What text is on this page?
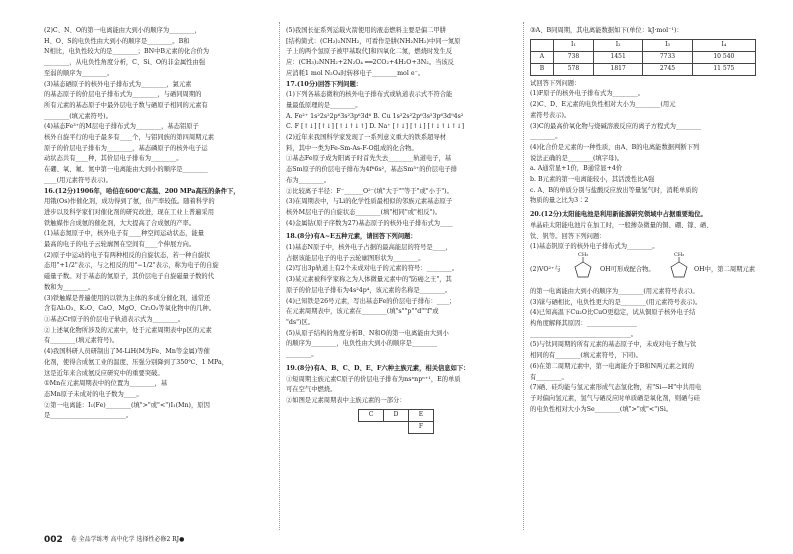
(2)C、N、O的第一电离能由大到小的顺序为________，

H、O、S的电负性由大到小的顺序是________。B和

N相比，电负性较大的是________；BN中B元素的化合价为

________，从电负性角度分析，C、Si、O的非金属性由强

至弱的顺序为________。

(3)基态硒原子的核外电子排布式为________，氯元素

的基态原子的价层电子排布式为________，与硒同周期的

所有元素的基态原子中最外层电子数与硒原子相同的元素有

________(填元素符号)。

(4)基态Fe³⁺的M层电子排布式为________，基态铝原子

核外自旋平行的电子最多有____个，与铝同族的第四周期元素

原子的价层电子排布为________，基态磷原子的核外电子运

动状态共有____种，其价层电子排布为________。

在硼、氧、氟、氮中第一电离能由大到小的顺序是________

____(用元素符号表示)。

16.(12分)1906年，哈伯在600℃高温、200 MPa高压的条件下，

用锇(Os)作催化剂，成功得到了氨，但产率较低。随着科学的

进步以及科学家们对催化剂的研究改进，现在工业上普遍采用

铁触媒作合成氨的催化剂，大大提高了合成氨的产率。

(1)基态氮原子中，核外电子有____种空间运动状态，能量

最高的电子的电子云轮廓图在空间有____个伸展方向。

(2)原子中运动的电子有两种相反的自旋状态，若一种自旋状

态用"+1/2"表示，与之相反的用"−1/2"表示，称为电子的自旋

磁量子数。对于基态的氮原子，其价层电子自旋磁量子数的代

数和为________。

(3)铁触媒是普遍使用的以铁为主体的多成分催化剂，通常还

含有Al₂O₃、K₂O、CaO、MgO、Cr₂O₃等氧化物中的几种。

①基态Cr原子的价层电子轨道表示式为________。

②上述氧化物所涉及的元素中，处于元素周期表中p区的元素

有________(填元素符号)。

(4)我国科研人员研制出了M-LiH(M为Fe、Mn等金属)等催

化剂，使得合成氨工业的温度、压强分别降到了350℃、1 MPa，

这是近年来合成氨反应研究中的重要突破。

①Mn在元素周期表中的位置为________，基

态Mn原子未成对的电子数为____。

②第一电离能：I₁(Fe)________(填">"或"<")I₁(Mn)，原因

是________________________。

(5)我国长征系列运载火箭使用的液态燃料主要是偏二甲肼

[结构简式：(CH₃)₂NNH₂，可看作是肼(NH₂NH₂)中同一氮原

子上的两个氢原子被甲基取代]和四氧化二氮，燃烧时发生反

应：(CH₃)₂NNH₂+2N₂O₄ ══2CO₂+4H₂O+3N₂。当该反

应消耗1 mol N₂O₄时转移电子________mol e⁻。

17.(10分)回答下列问题：

(1)下列各基态微粒的核外电子排布式或轨道表示式不符合能

量最低原理的是________。

A. Fe²⁺ 1s²2s²2p⁶3s²3p⁶3d⁶ B. Cu 1s²2s²2p⁶3s²3p⁶3d⁹4s²

C. F [↑↓] [↑↓] [↑↓↑↓↑] D. Na⁺ [↑↓] [↑↓] [↑↓↑↓↑↓]

(2)近年来我国科学家发现了一系列意义重大的铁系超导材

料，其中一类为Fe-Sm-As-F-O组成的化合物。

①基态Fe原子成为阳离子时首先失去________轨道电子，基

态Sm原子的价层电子排布为4f⁶6s²，基态Sm³⁺的价层电子排

布为________。

②比较离子半径：F⁻______O²⁻(填"大于""等于"或"小于")。

(3)在周期表中，与Li的化学性质最相似的邻族元素基态原子

核外M层电子的自旋状态________(填"相同"或"相反")。

(4)金属钴(原子序数为27)基态原子的核外电子排布式为____

18.(8分)有A~E五种元素，请回答下列问题：

(1)基态N原子中，核外电子占据的最高能层的符号是____，

占据该能层电子的电子云轮廓图形状为________。

(2)写出3p轨道上有2个未成对电子的元素的符号：________。

(3)某元素被科学家称之为人体微量元素中的"防癌之王"，其

原子的价层电子排布为4s²4p⁴，该元素的名称是________。

(4)已知铁是26号元素，写出基态Fe的价层电子排布：____；

在元素周期表中，该元素在________(填"s""p""d""f"或

"ds")区。

(5)从原子结构的角度分析B、N和O的第一电离能由大到小

的顺序为________，电负性由大到小的顺序是________

________。

19.(8分)有A、B、C、D、E、F六种主族元素，相关信息如下：

①短周期主族元素C原子的价层电子排布为nsⁿnpⁿ⁺¹，E的单质

可在空气中燃烧。

②如图是元素周期表中主族元素的一部分：

C	D	E
		F

③A、B同周期，其电离能数据如下(单位：kJ·mol⁻¹)：

	I₁	I₂	I₃	I₄
A	738	1451	7733	10 540
B	578	1817	2745	11 575

试回答下列问题：

(1)F原子的核外电子排布式为________。

(2)C、D、E元素的电负性相对大小为________(用元

素符号表示)。

(3)C的最高价氧化物与烧碱溶液反应的离子方程式为________

________。

(4)化合价是元素的一种性质，由A、B的电离能数据判断下列

说法正确的是________(填字母)。

a. A通常显+1价，B通常显+4价

b. B元素的第一电离能较小，其活泼性比A强

c. A、B的单质分别与盐酸反应放出等量氢气时，消耗单质的

物质的量之比为3∶2

20.(12分)太阳能电池是利用新能源研究领域中占据重要地位。

单晶硅太阳能电池片在加工时，一般掺杂微量的铜、硼、镓、硒、

钛、钒等。回答下列问题：

(1)基态钒原子的核外电子排布式为________。

(2)VO²⁺与
CH₃
OH可形成配合物。
CH₃
OH中，第二周期元素

的第一电离能由大到小的顺序为________(用元素符号表示)。

(3)铼与硒相比，电负性更大的是________(用元素符号表示)。

(4)已知高温下Cu₂O比CuO更稳定，试从铜原子核外电子结

构角度解释其原因：________________

________________________________。

(5)与钛同周期的所有元素的基态原子中，未成对电子数与钛

相同的有________(填元素符号，下同)。

(6)在第二周期元素中，第一电离能介于B和N两元素之间的

有________。

(7)硒、硅均能与氢元素形成气态氢化物，若"Si—H"中共用电

子对偏向氢元素，氢气与硒反应时单质硒是氧化剂，则硒与硅

的电负性相对大小为Se________(填">"或"<")Si。

002 卷 全品学练考 高中化学 选择性必修2 RJ●
